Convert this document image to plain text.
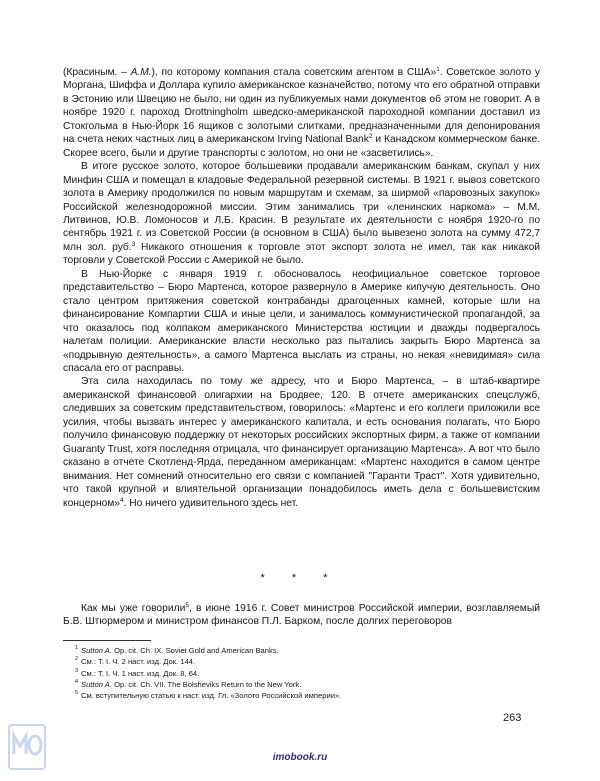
(Красиным. – А.М.), по которому компания стала советским агентом в США»$^1$. Советское золото у Моргана, Шиффа и Доллара купило американское казначейство, потому что его обратной отправки в Эстонию или Швецию не было, ни один из публикуемых нами документов об этом не говорит. А в ноябре 1920 г. пароход Drottningholm шведско-американской пароходной компании доставил из Стокгольма в Нью-Йорк 16 ящиков с золотыми слитками, предназначенными для депонирования на счета неких частных лиц в американском Irving National Bank$^2$ и Канадском коммерческом банке. Скорее всего, были и другие транспорты с золотом, но они не «засветились».

В итоге русское золото, которое большевики продавали американским банкам, скупал у них Минфин США и помещал в кладовые Федеральной резервной системы. В 1921 г. вывоз советского золота в Америку продолжился по новым маршрутам и схемам, за ширмой «паровозных закупок» Российской железнодорожной миссии. Этим занимались три «ленинских наркома» – М.М. Литвинов, Ю.В. Ломоносов и Л.Б. Красин. В результате их деятельности с ноября 1920-го по сентябрь 1921 г. из Советской России (в основном в США) было вывезено золота на сумму 472,7 млн зол. руб.$^3$ Никакого отношения к торговле этот экспорт золота не имел, так как никакой торговли у Советской России с Америкой не было.

В Нью-Йорке с января 1919 г. обосновалось неофициальное советское торговое представительство – Бюро Мартенса, которое развернуло в Америке кипучую деятельность. Оно стало центром притяжения советской контрабанды драгоценных камней, которые шли на финансирование Компартии США и иные цели, и занималось коммунистической пропагандой, за что оказалось под колпаком американского Министерства юстиции и дважды подвергалось налетам полиции. Американские власти несколько раз пытались закрыть Бюро Мартенса за «подрывную деятельность», а самого Мартенса выслать из страны, но некая «невидимая» сила спасала его от расправы.

Эта сила находилась по тому же адресу, что и Бюро Мартенса, – в штаб-квартире американской финансовой олигархии на Бродвее, 120. В отчете американских спецслужб, следивших за советским представительством, говорилось: «Мартенс и его коллеги приложили все усилия, чтобы вызвать интерес у американского капитала, и есть основания полагать, что Бюро получило финансовую поддержку от некоторых российских экспортных фирм, а также от компании Guaranty Trust, хотя последняя отрицала, что финансирует организацию Мартенса». А вот что было сказано в отчете Скотленд-Ярда, переданном американцам: «Мартенс находится в самом центре внимания. Нет сомнений относительно его связи с компанией "Гаранти Траст". Хотя удивительно, что такой крупной и влиятельной организации понадобилось иметь дела с большевистским концерном»$^4$. Но ничего удивительного здесь нет.

* * *

Как мы уже говорили$^5$, в июне 1916 г. Совет министров Российской империи, возглавляемый Б.В. Штюрмером и министром финансов П.Л. Барком, после долгих переговоров

1 Sutton A. Op. cit. Ch. IX. Soviet Gold and American Banks.
2 См.: Т. I. Ч. 2 наст. изд. Док. 144.
3 См.: Т. I. Ч. 1 наст. изд. Док. 8, 64.
4 Sutton A. Op. cit. Ch. VII. The Bolsheviks Return to the New York.
5 См. вступительную статью к наст. изд. Гл. «Золото Российской империи».
263
imobook.ru
